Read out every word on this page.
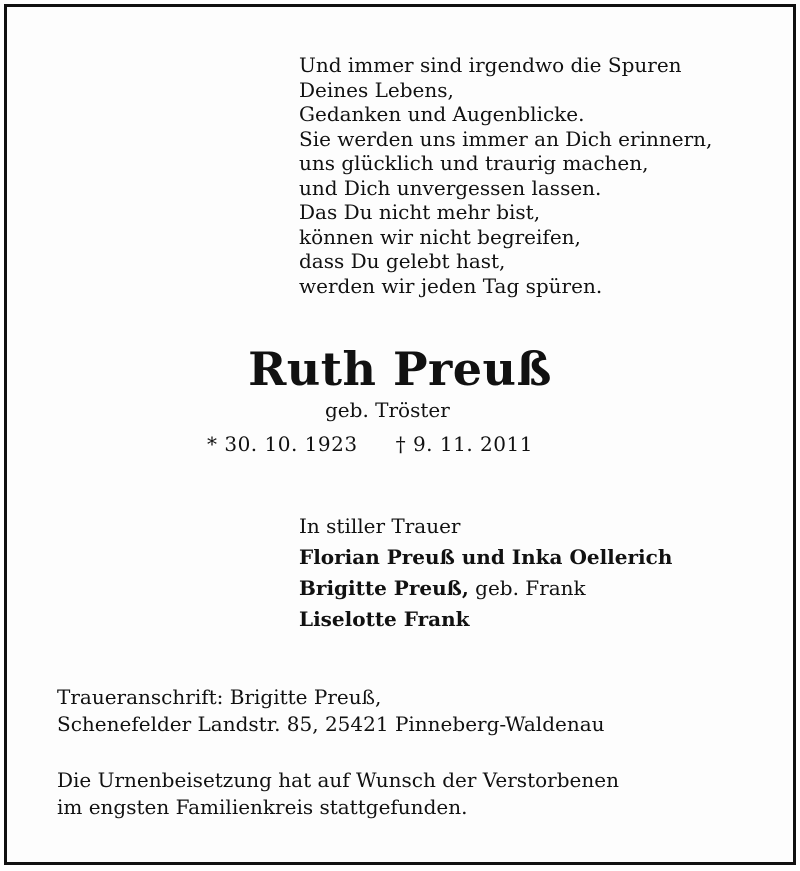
Und immer sind irgendwo die Spuren
Deines Lebens,
Gedanken und Augenblicke.
Sie werden uns immer an Dich erinnern,
uns glücklich und traurig machen,
und Dich unvergessen lassen.
Das Du nicht mehr bist,
können wir nicht begreifen,
dass Du gelebt hast,
werden wir jeden Tag spüren.
Ruth Preuß
geb. Tröster
* 30. 10. 1923 † 9. 11. 2011
In stiller Trauer
Florian Preuß und Inka Oellerich
Brigitte Preuß, geb. Frank
Liselotte Frank
Traueranschrift: Brigitte Preuß,
Schenefelder Landstr. 85, 25421 Pinneberg-Waldenau
Die Urnenbeisetzung hat auf Wunsch der Verstorbenen
im engsten Familienkreis stattgefunden.
